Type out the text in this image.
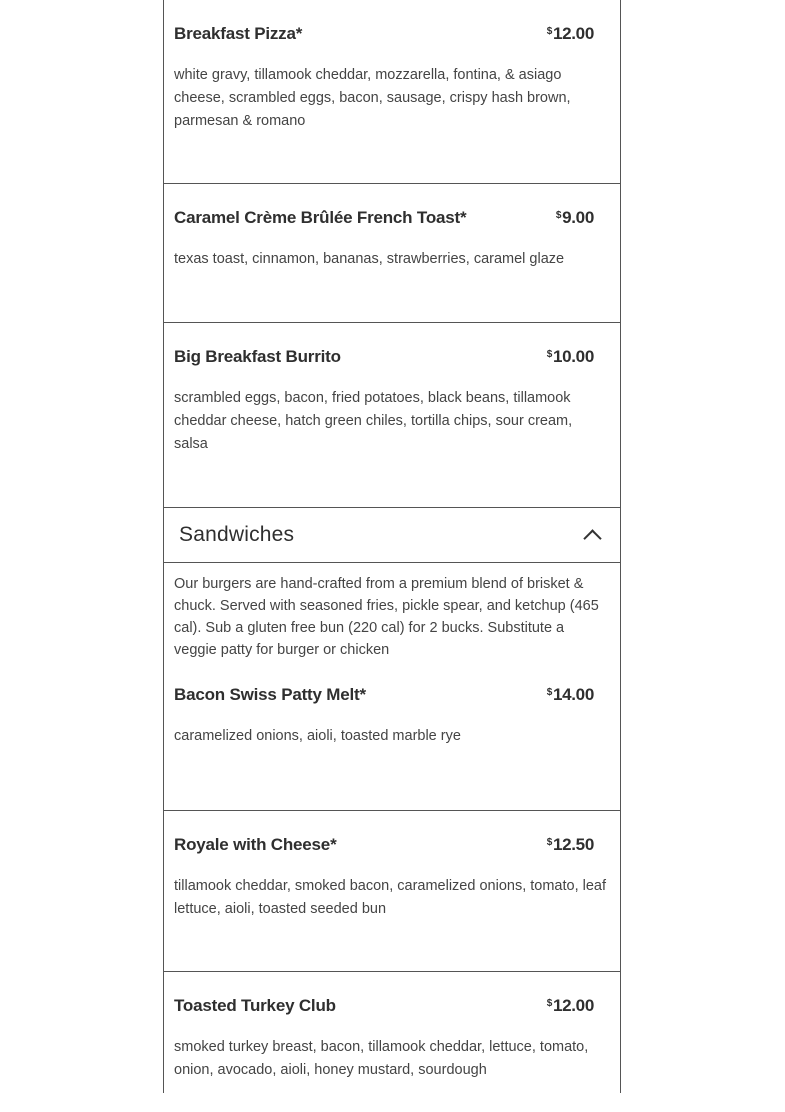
Breakfast Pizza*	$12.00
white gravy, tillamook cheddar, mozzarella, fontina, & asiago cheese, scrambled eggs, bacon, sausage, crispy hash brown, parmesan & romano
Caramel Crème Brûlée French Toast*	$9.00
texas toast, cinnamon, bananas, strawberries, caramel glaze
Big Breakfast Burrito	$10.00
scrambled eggs, bacon, fried potatoes, black beans, tillamook cheddar cheese, hatch green chiles, tortilla chips, sour cream, salsa
Sandwiches
Our burgers are hand-crafted from a premium blend of brisket & chuck. Served with seasoned fries, pickle spear, and ketchup (465 cal). Sub a gluten free bun (220 cal) for 2 bucks. Substitute a veggie patty for burger or chicken
Bacon Swiss Patty Melt*	$14.00
caramelized onions, aioli, toasted marble rye
Royale with Cheese*	$12.50
tillamook cheddar, smoked bacon, caramelized onions, tomato, leaf lettuce, aioli, toasted seeded bun
Toasted Turkey Club	$12.00
smoked turkey breast, bacon, tillamook cheddar, lettuce, tomato, onion, avocado, aioli, honey mustard, sourdough
